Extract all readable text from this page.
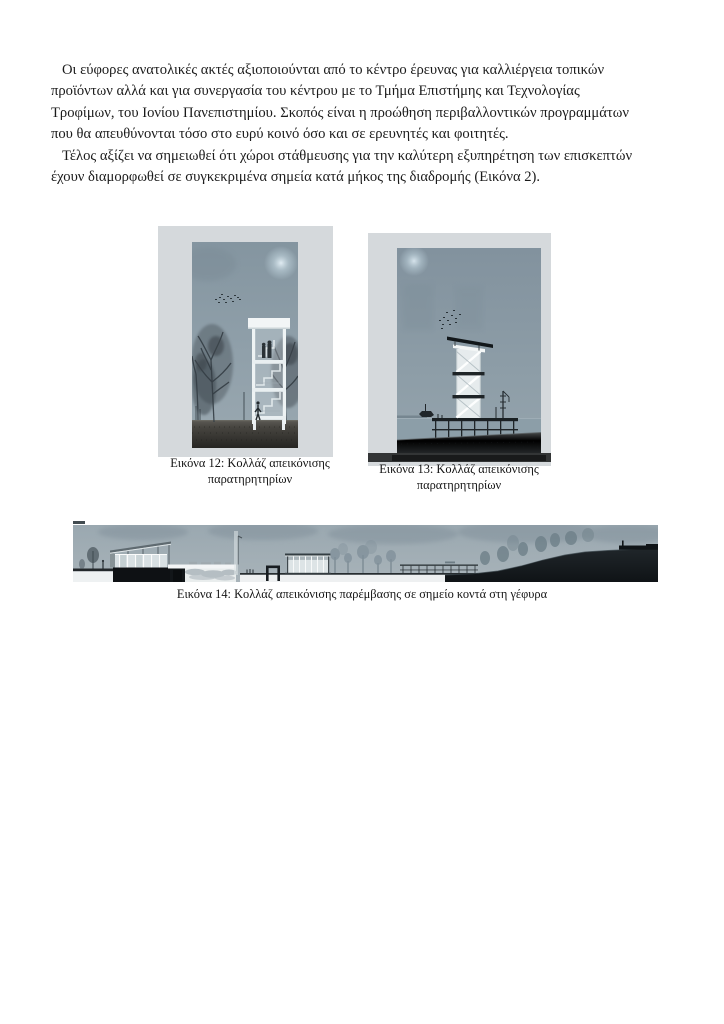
Οι εύφορες ανατολικές ακτές αξιοποιούνται από το κέντρο έρευνας για καλλιέργεια τοπικών
προϊόντων αλλά και για συνεργασία του κέντρου με το Τμήμα Επιστήμης και Τεχνολογίας
Τροφίμων, του Ιονίου Πανεπιστημίου. Σκοπός είναι η προώθηση περιβαλλοντικών προγραμμάτων
που θα απευθύνονται τόσο στο ευρύ κοινό όσο και σε ερευνητές και φοιτητές.
Τέλος αξίζει να σημειωθεί ότι χώροι στάθμευσης για την καλύτερη εξυπηρέτηση των επισκεπτών
έχουν διαμορφωθεί σε συγκεκριμένα σημεία κατά μήκος της διαδρομής (Εικόνα 2).
Εικόνα 12: Κολλάζ απεικόνισης
παρατηρητηρίων
Εικόνα 13: Κολλάζ απεικόνισης
παρατηρητηρίων
Εικόνα 14: Κολλάζ απεικόνισης παρέμβασης σε σημείο κοντά στη γέφυρα
